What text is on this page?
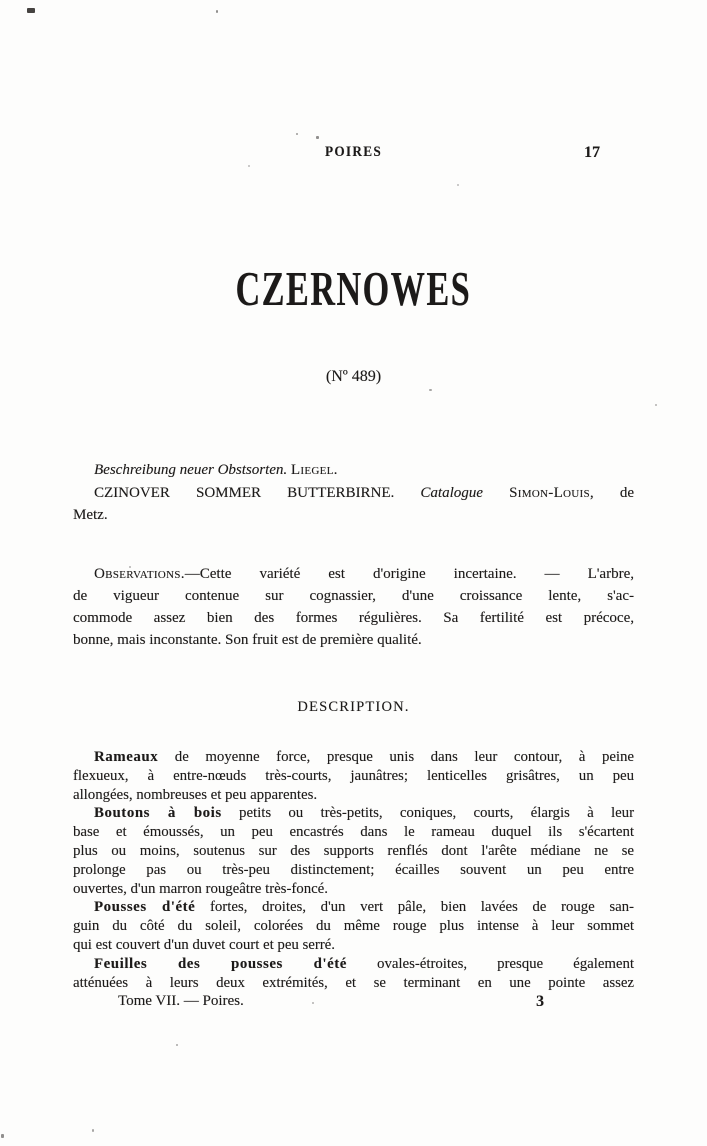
POIRES	17
CZERNOWES
(Nº 489)
Beschreibung neuer Obstsorten. Liegel.
CZINOVER SOMMER BUTTERBIRNE. Catalogue Simon-Louis, de
Metz.
Observations.—Cette variété est d'origine incertaine. — L'arbre,
de vigueur contenue sur cognassier, d'une croissance lente, s'ac-
commode assez bien des formes régulières. Sa fertilité est précoce,
bonne, mais inconstante. Son fruit est de première qualité.
DESCRIPTION.
Rameaux de moyenne force, presque unis dans leur contour, à peine
flexueux, à entre-nœuds très-courts, jaunâtres; lenticelles grisâtres, un peu
allongées, nombreuses et peu apparentes.
Boutons à bois petits ou très-petits, coniques, courts, élargis à leur
base et émoussés, un peu encastrés dans le rameau duquel ils s'écartent
plus ou moins, soutenus sur des supports renflés dont l'arête médiane ne se
prolonge pas ou très-peu distinctement; écailles souvent un peu entre
ouvertes, d'un marron rougeâtre très-foncé.
Pousses d'été fortes, droites, d'un vert pâle, bien lavées de rouge san-
guin du côté du soleil, colorées du même rouge plus intense à leur sommet
qui est couvert d'un duvet court et peu serré.
Feuilles des pousses d'été ovales-étroites, presque également
atténuées à leurs deux extrémités, et se terminant en une pointe assez
Tome VII. — Poires.	3
